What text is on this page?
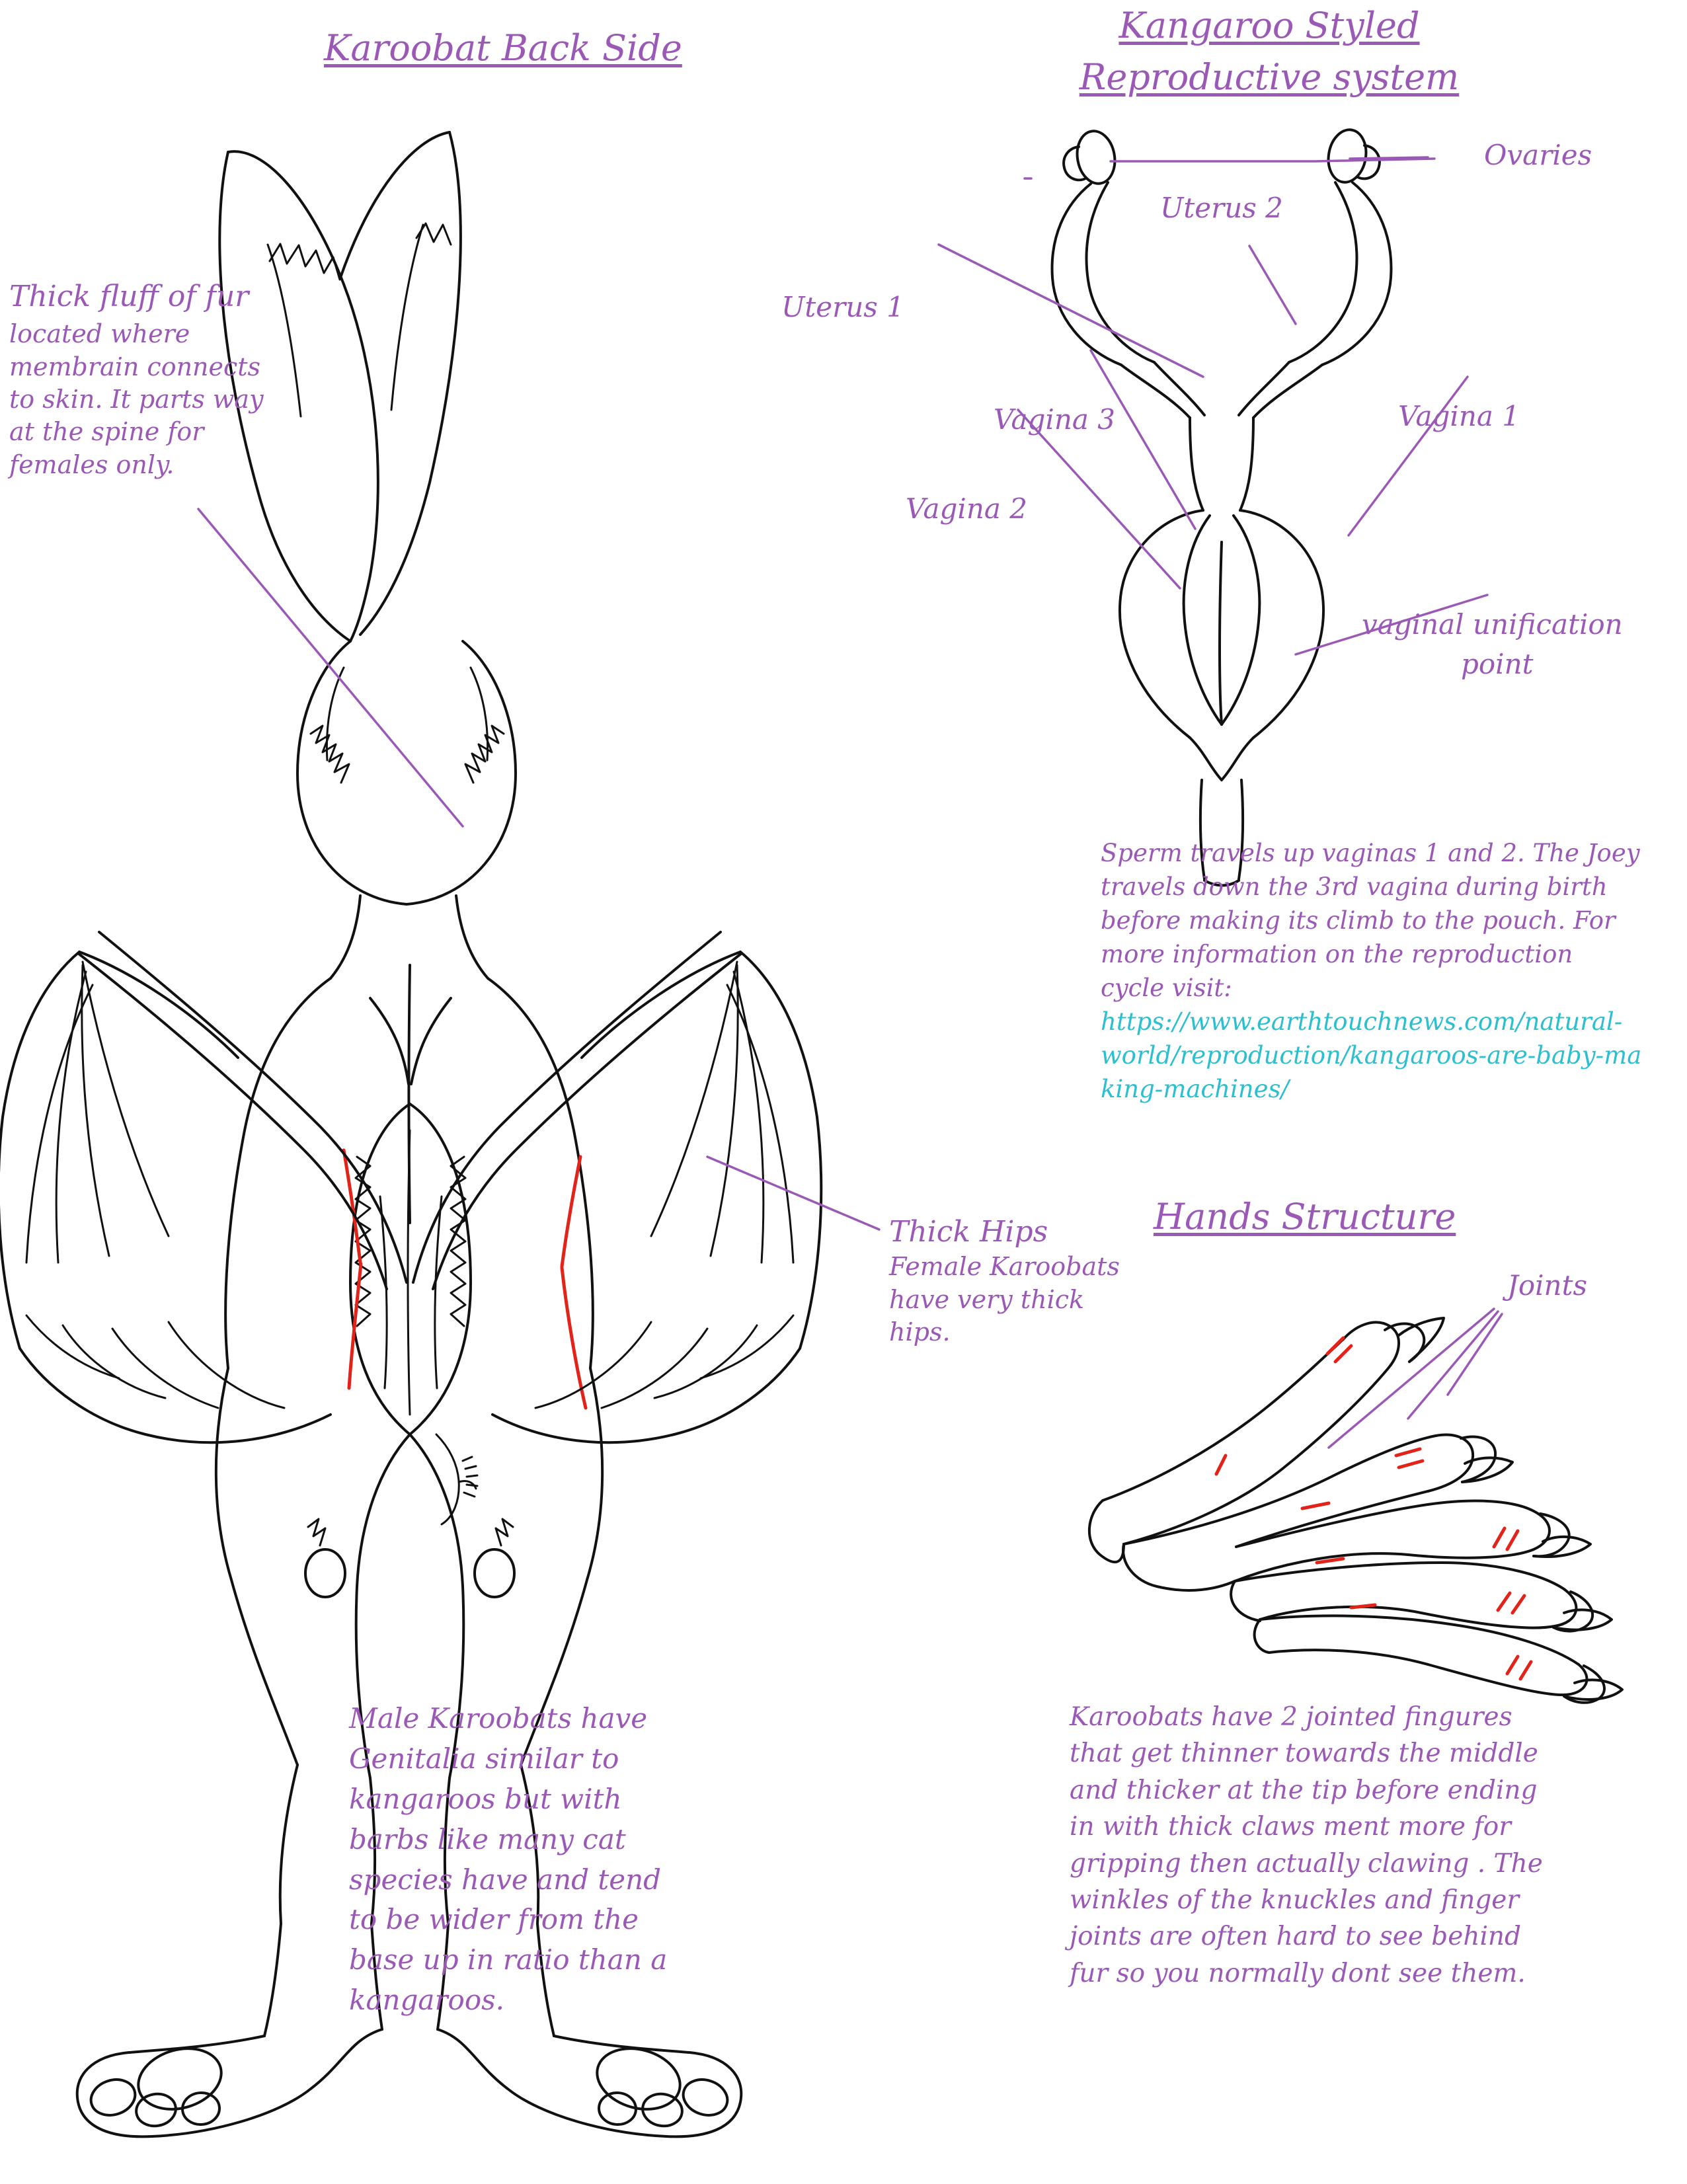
Karoobat Back Side
Kangaroo Styled
Reproductive system
Hands Structure
Thick fluff of fur
located where membrain connects to skin. It parts way at the spine for females only.
Thick Hips
Female Karoobats have very thick hips.
Male Karoobats have Genitalia similar to kangaroos but with barbs like many cat species have and tend to be wider from the base up in ratio than a kangaroos.
Ovaries
Uterus 2
Uterus 1
Vagina 3
Vagina 2
Vagina 1
vaginal unification
point
Sperm travels up vaginas 1 and 2. The Joey travels down the 3rd vagina during birth before making its climb to the pouch. For more information on the reproduction cycle visit:
https://www.earthtouchnews.com/natural-world/reproduction/kangaroos-are-baby-making-machines/
Joints
Karoobats have 2 jointed fingures that get thinner towards the middle and thicker at the tip before ending in with thick claws ment more for gripping then actually clawing . The winkles of the knuckles and finger joints are often hard to see behind fur so you normally dont see them.
